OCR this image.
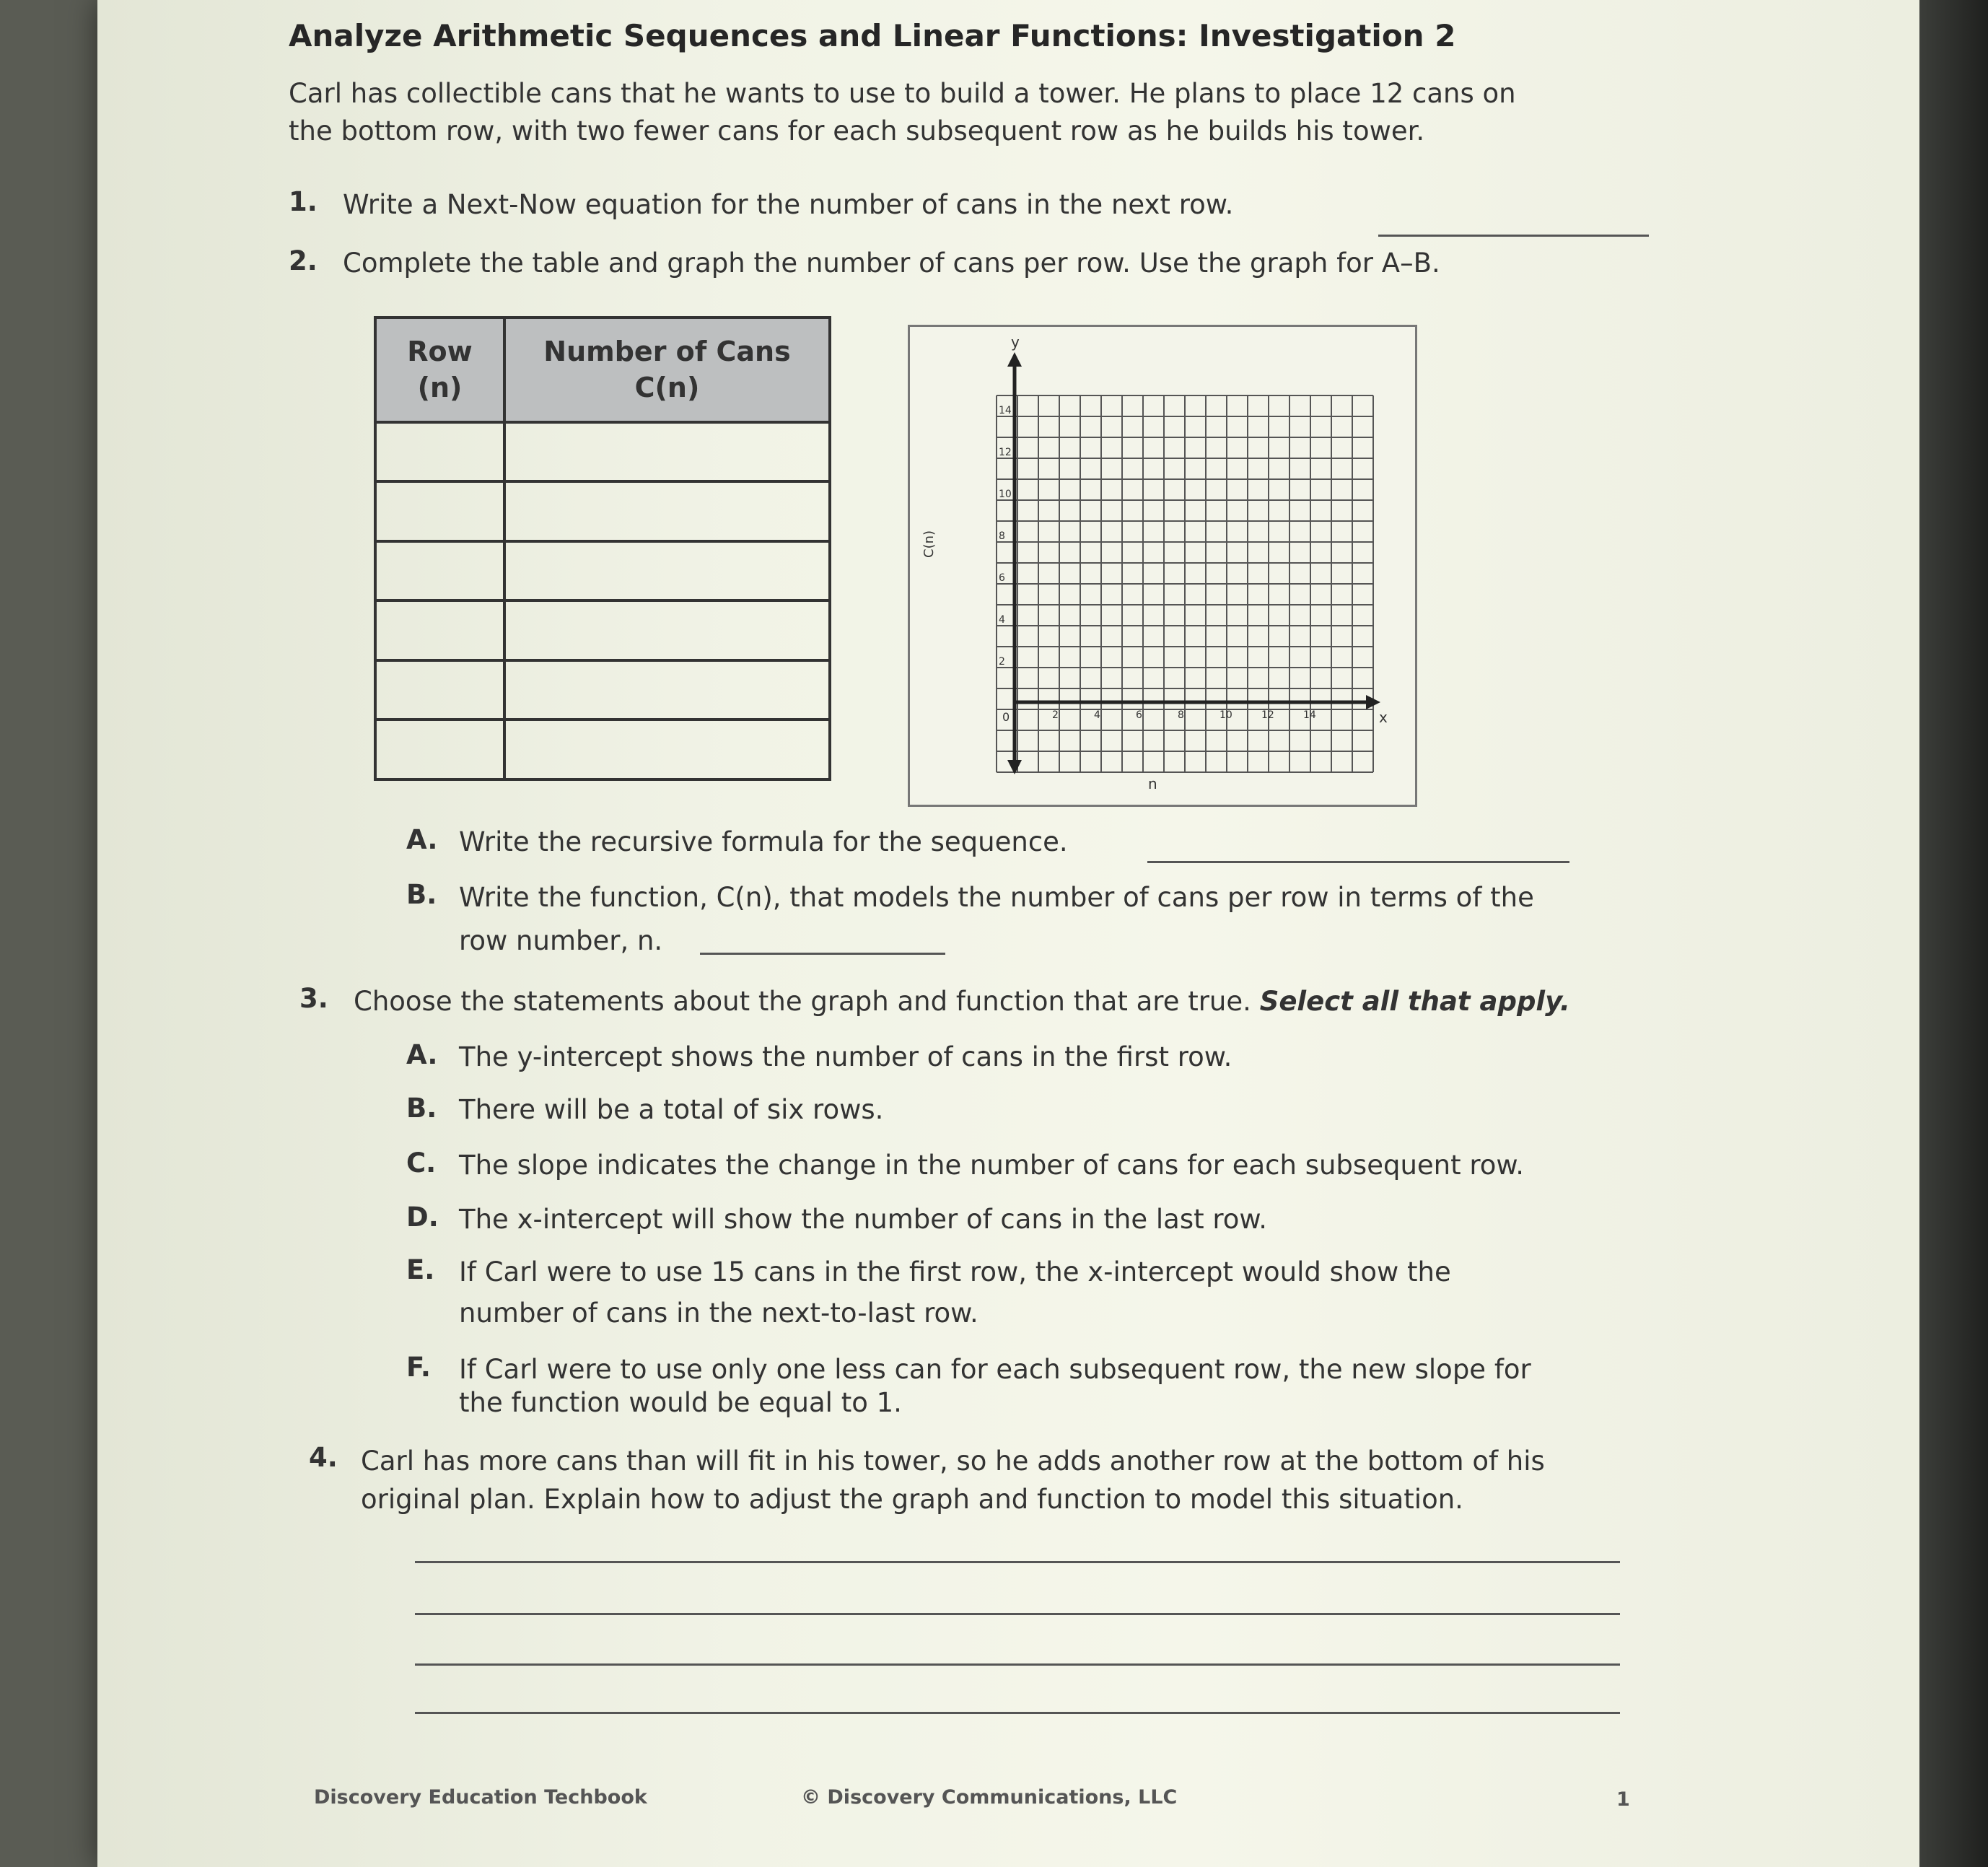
Analyze Arithmetic Sequences and Linear Functions: Investigation 2
Carl has collectible cans that he wants to use to build a tower. He plans to place 12 cans on
the bottom row, with two fewer cans for each subsequent row as he builds his tower.
1. Write a Next-Now equation for the number of cans in the next row.
2. Complete the table and graph the number of cans per row. Use the graph for A–B.
Row
(n)	Number of Cans
C(n)

y
x
n
C(n)
0
2
4
6
8
10
12
14
2	4	6	8	10	12	14
A. Write the recursive formula for the sequence.
B. Write the function, C(n), that models the number of cans per row in terms of the
row number, n.
3. Choose the statements about the graph and function that are true. Select all that apply.
A. The y-intercept shows the number of cans in the first row.
B. There will be a total of six rows.
C. The slope indicates the change in the number of cans for each subsequent row.
D. The x-intercept will show the number of cans in the last row.
E. If Carl were to use 15 cans in the first row, the x-intercept would show the
number of cans in the next-to-last row.
F. If Carl were to use only one less can for each subsequent row, the new slope for
the function would be equal to 1.
4. Carl has more cans than will fit in his tower, so he adds another row at the bottom of his
original plan. Explain how to adjust the graph and function to model this situation.
Discovery Education Techbook	© Discovery Communications, LLC	1
